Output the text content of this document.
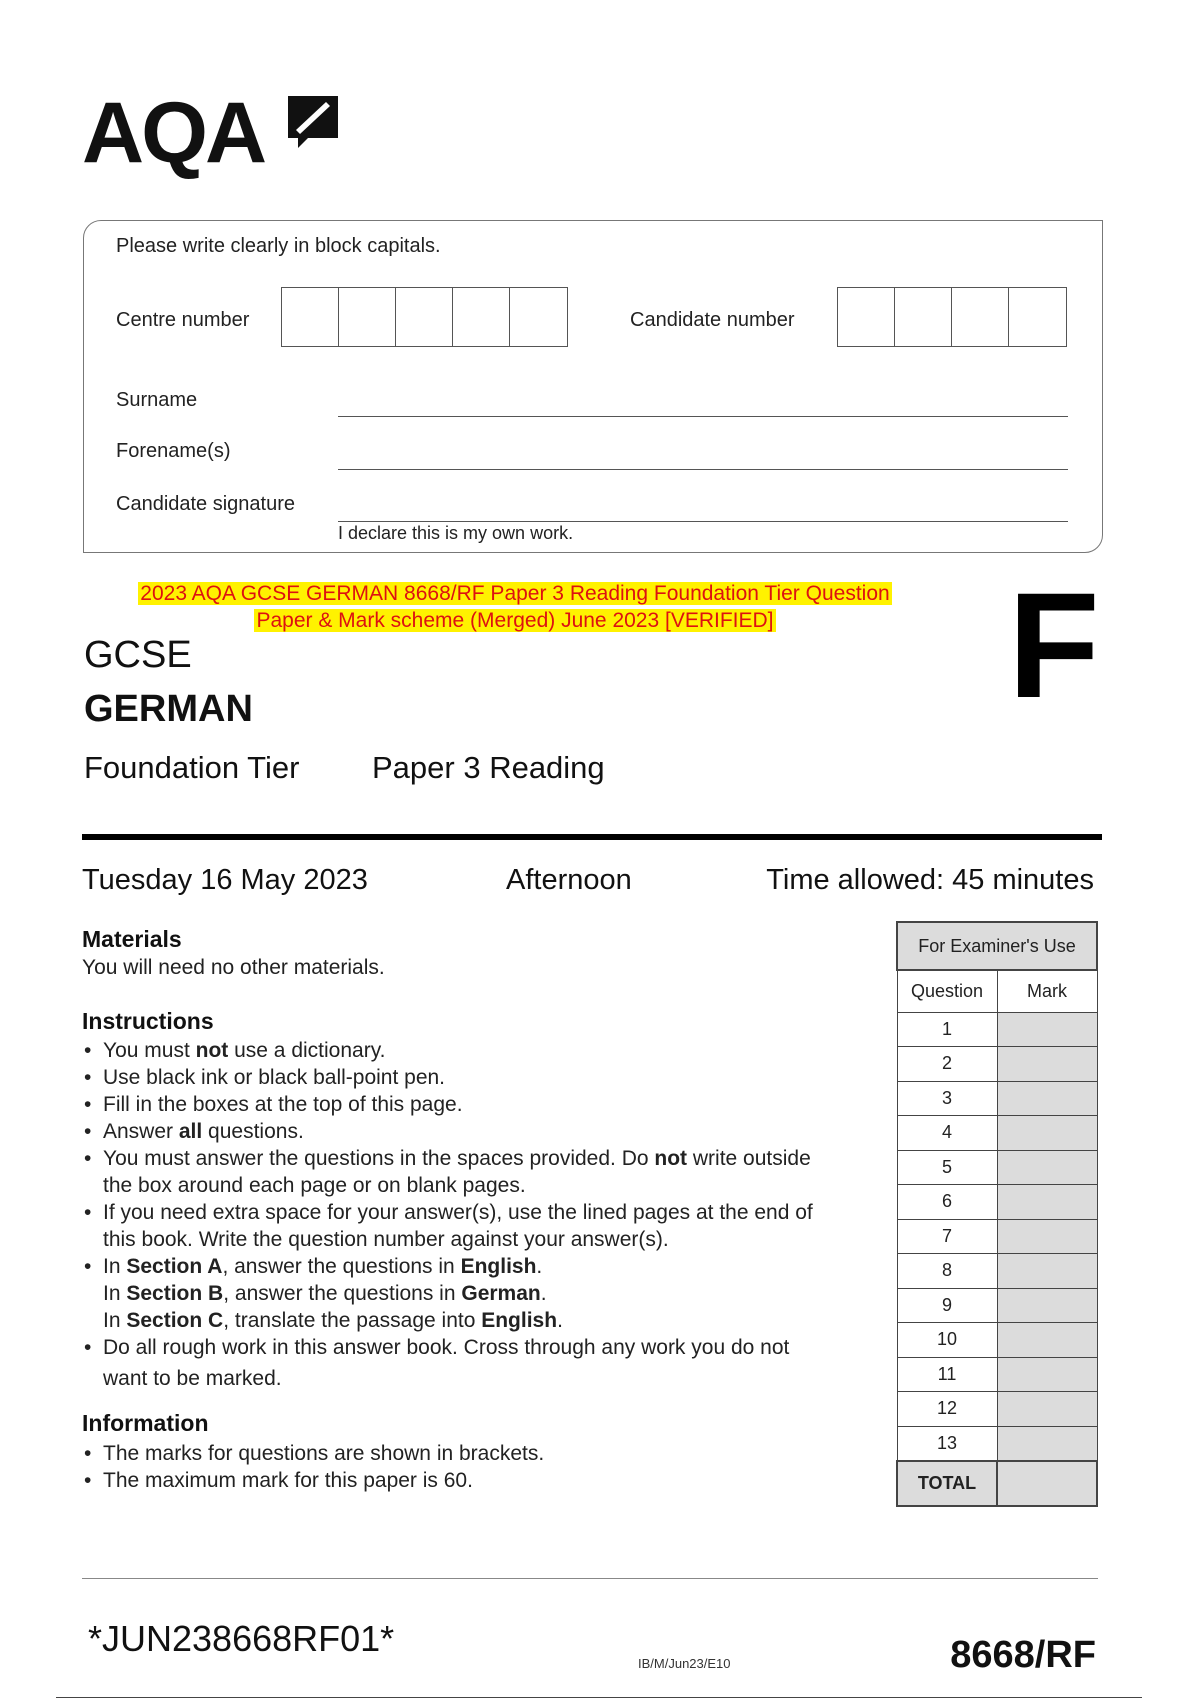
AQA
Please write clearly in block capitals.
Centre number	Candidate number
Surname
Forename(s)
Candidate signature
I declare this is my own work.
2023 AQA GCSE GERMAN 8668/RF Paper 3 Reading Foundation Tier Question
Paper & Mark scheme (Merged) June 2023 [VERIFIED]	F
GCSE
GERMAN
Foundation Tier Paper 3 Reading
Tuesday 16 May 2023	Afternoon	Time allowed: 45 minutes
Materials
You will need no other materials.
Instructions
• You must not use a dictionary.
• Use black ink or black ball-point pen.
• Fill in the boxes at the top of this page.
• Answer all questions.
• You must answer the questions in the spaces provided. Do not write outside
the box around each page or on blank pages.
• If you need extra space for your answer(s), use the lined pages at the end of
this book. Write the question number against your answer(s).
• In Section A, answer the questions in English.
In Section B, answer the questions in German.
In Section C, translate the passage into English.
• Do all rough work in this answer book. Cross through any work you do not
want to be marked.
Information
• The marks for questions are shown in brackets.
• The maximum mark for this paper is 60.
For Examiner's Use	
Question	Mark
1	
2	
3	
4	
5	
6	
7	
8	
9	
10	
11	
12	
13	
TOTAL	
*JUN238668RF01*
IB/M/Jun23/E10	8668/RF
